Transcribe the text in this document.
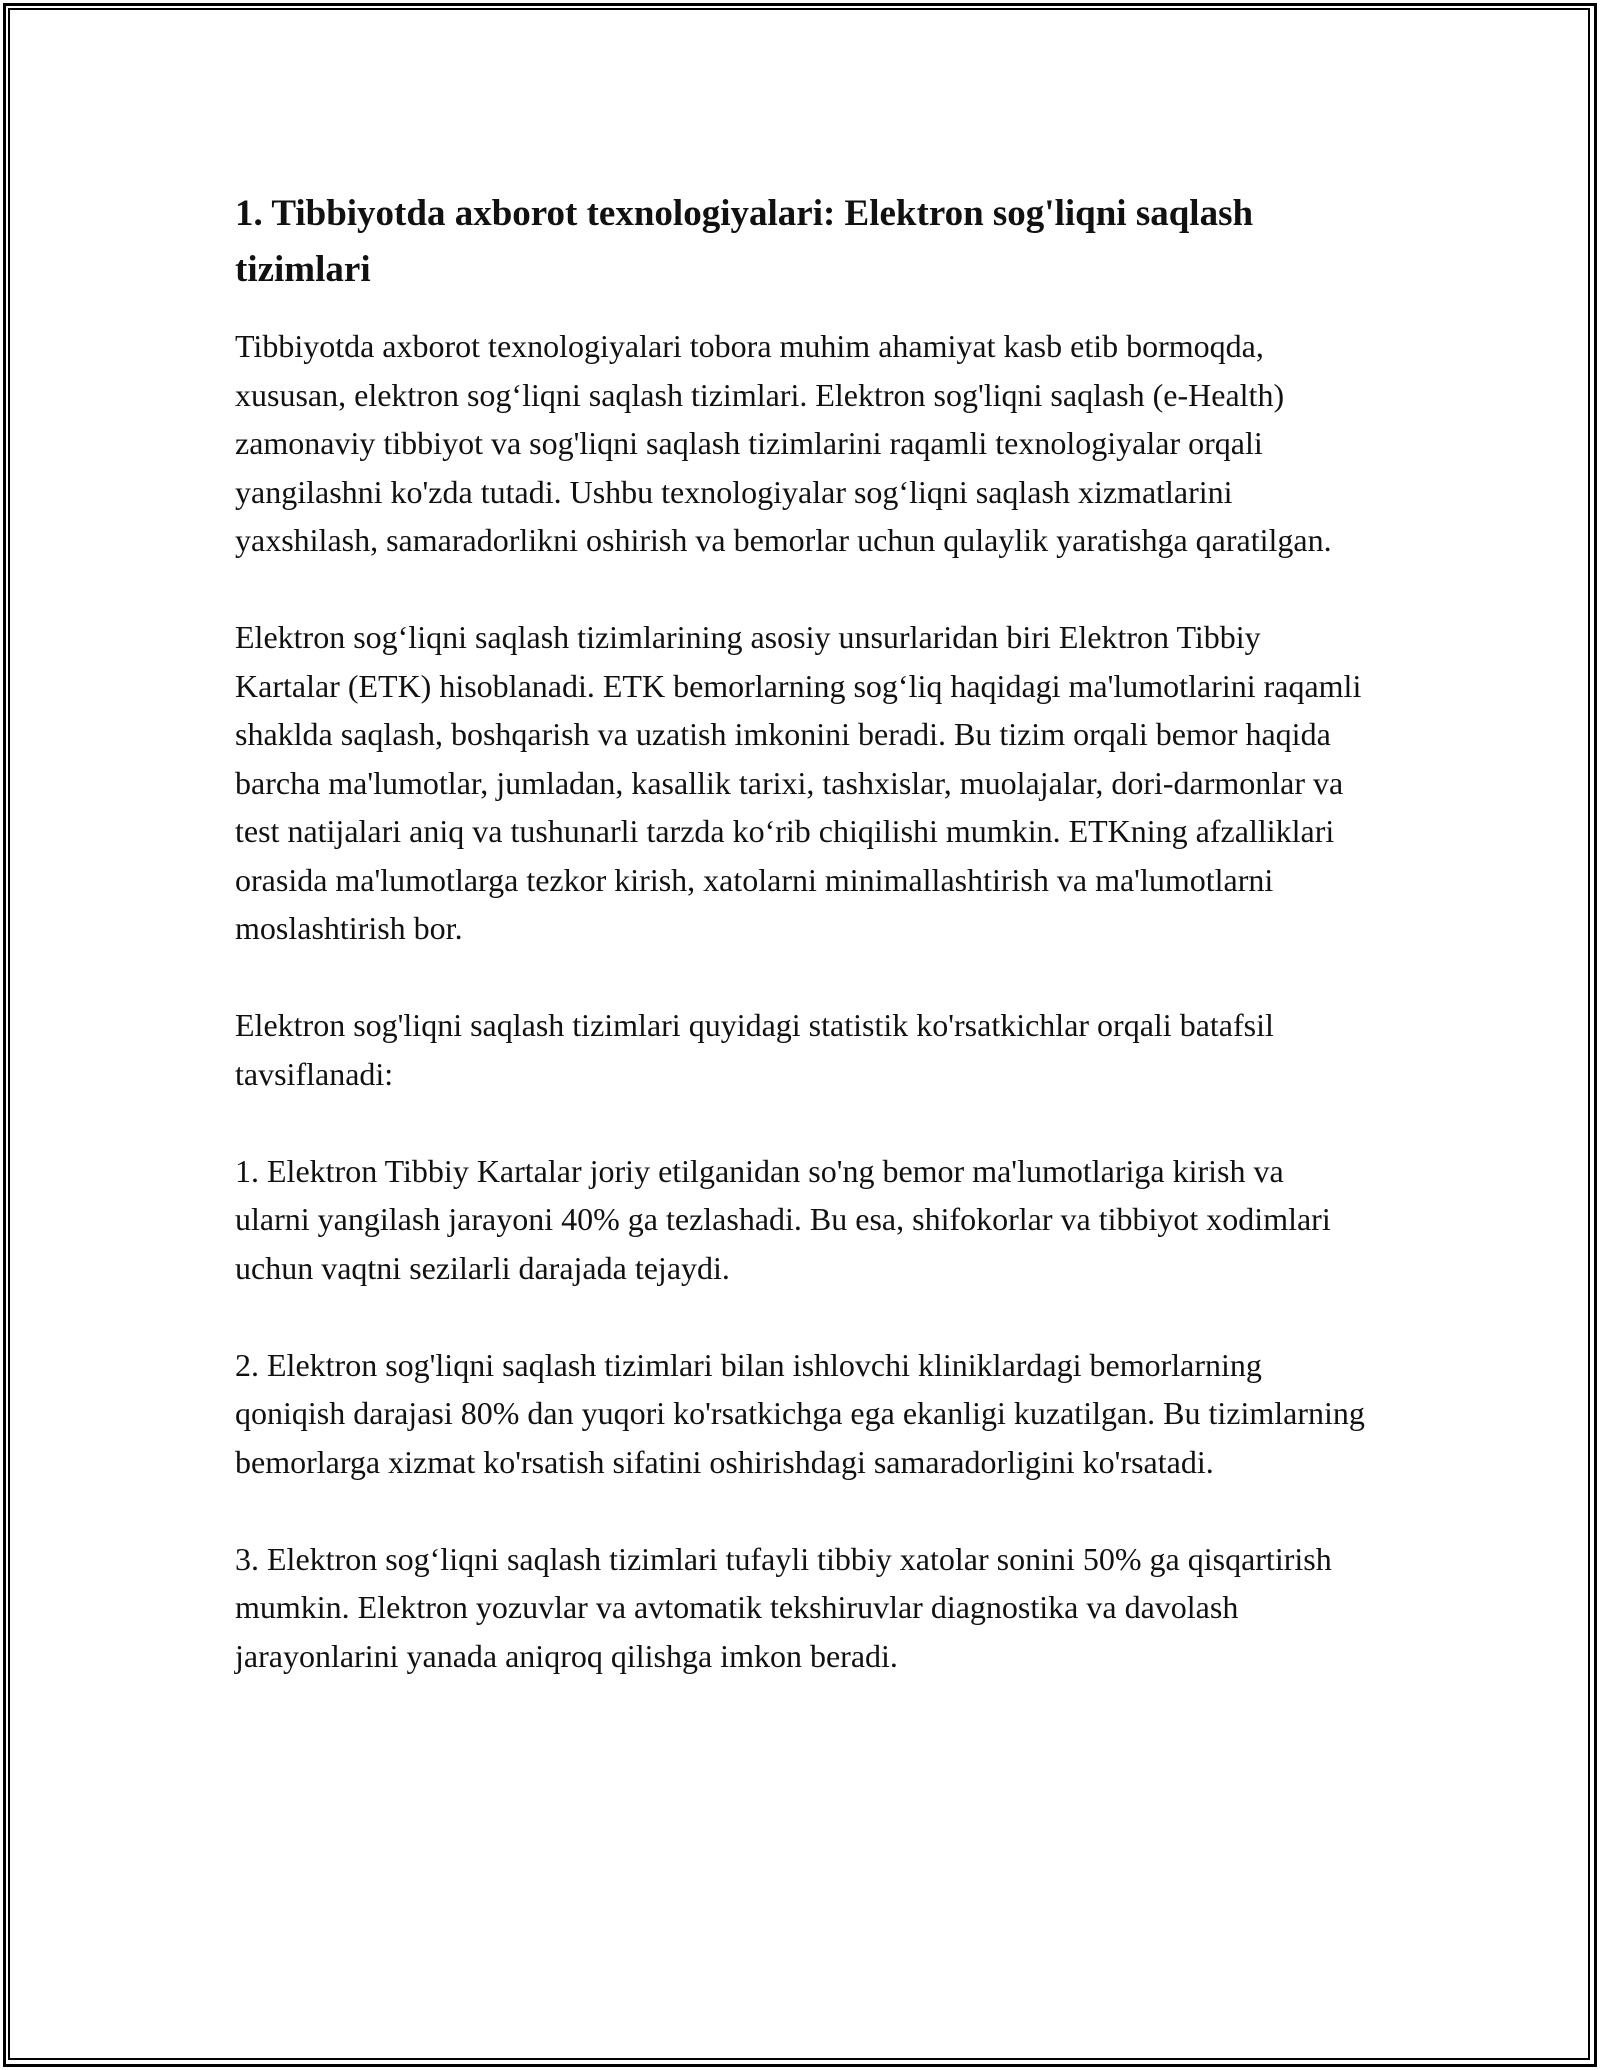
1. Tibbiyotda axborot texnologiyalari: Elektron sog'liqni saqlash tizimlari

Tibbiyotda axborot texnologiyalari tobora muhim ahamiyat kasb etib bormoqda, xususan, elektron sog‘liqni saqlash tizimlari. Elektron sog'liqni saqlash (e-Health) zamonaviy tibbiyot va sog'liqni saqlash tizimlarini raqamli texnologiyalar orqali yangilashni ko'zda tutadi. Ushbu texnologiyalar sog‘liqni saqlash xizmatlarini yaxshilash, samaradorlikni oshirish va bemorlar uchun qulaylik yaratishga qaratilgan.

Elektron sog‘liqni saqlash tizimlarining asosiy unsurlaridan biri Elektron Tibbiy Kartalar (ETK) hisoblanadi. ETK bemorlarning sog‘liq haqidagi ma'lumotlarini raqamli shaklda saqlash, boshqarish va uzatish imkonini beradi. Bu tizim orqali bemor haqida barcha ma'lumotlar, jumladan, kasallik tarixi, tashxislar, muolajalar, dori-darmonlar va test natijalari aniq va tushunarli tarzda ko‘rib chiqilishi mumkin. ETKning afzalliklari orasida ma'lumotlarga tezkor kirish, xatolarni minimallashtirish va ma'lumotlarni moslashtirish bor.

Elektron sog'liqni saqlash tizimlari quyidagi statistik ko'rsatkichlar orqali batafsil tavsiflanadi:

1. Elektron Tibbiy Kartalar joriy etilganidan so'ng bemor ma'lumotlariga kirish va ularni yangilash jarayoni 40% ga tezlashadi. Bu esa, shifokorlar va tibbiyot xodimlari uchun vaqtni sezilarli darajada tejaydi.

2. Elektron sog'liqni saqlash tizimlari bilan ishlovchi kliniklardagi bemorlarning qoniqish darajasi 80% dan yuqori ko'rsatkichga ega ekanligi kuzatilgan. Bu tizimlarning bemorlarga xizmat ko'rsatish sifatini oshirishdagi samaradorligini ko'rsatadi.

3. Elektron sog‘liqni saqlash tizimlari tufayli tibbiy xatolar sonini 50% ga qisqartirish mumkin. Elektron yozuvlar va avtomatik tekshiruvlar diagnostika va davolash jarayonlarini yanada aniqroq qilishga imkon beradi.
